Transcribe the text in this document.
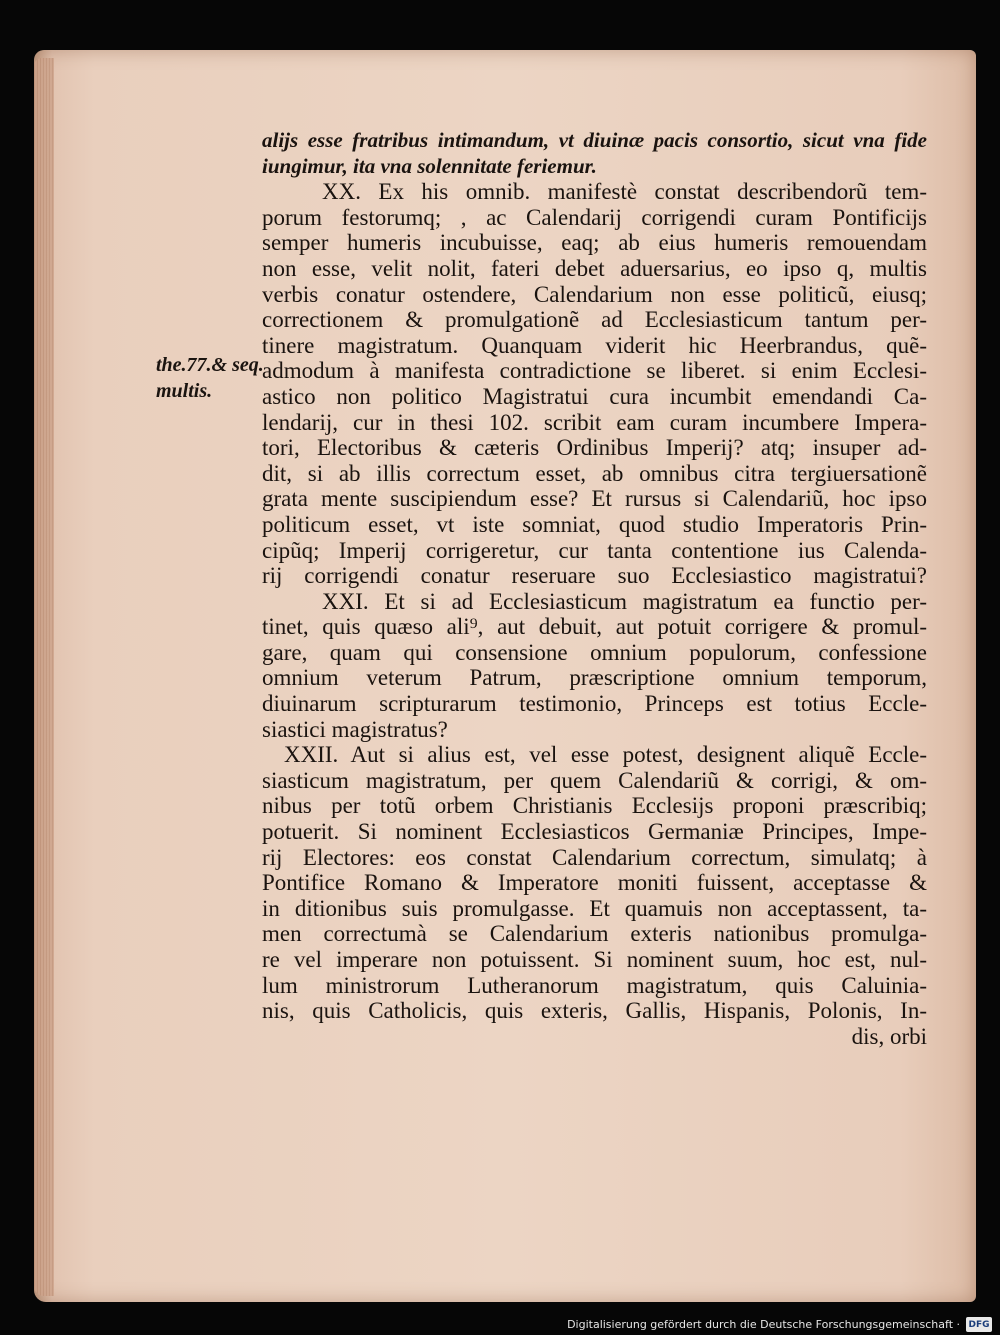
the.77.& seq.
multis.
alijs esse fratribus intimandum, vt diuinæ pacis consortio, sicut vna fide
iungimur, ita vna solennitate feriemur.
XX. Ex his omnib. manifestè constat describendorũ tem-
porum festorumq; , ac Calendarij corrigendi curam Pontificijs
semper humeris incubuisse, eaq; ab eius humeris remouendam
non esse, velit nolit, fateri debet aduersarius, eo ipso q, multis
verbis conatur ostendere, Calendarium non esse politicũ, eiusq;
correctionem & promulgationẽ ad Ecclesiasticum tantum per-
tinere magistratum. Quanquam viderit hic Heerbrandus, quẽ-
admodum à manifesta contradictione se liberet. si enim Ecclesi-
astico non politico Magistratui cura incumbit emendandi Ca-
lendarij, cur in thesi 102. scribit eam curam incumbere Impera-
tori, Electoribus & cæteris Ordinibus Imperij? atq; insuper ad-
dit, si ab illis correctum esset, ab omnibus citra tergiuersationẽ
grata mente suscipiendum esse? Et rursus si Calendariũ, hoc ipso
politicum esset, vt iste somniat, quod studio Imperatoris Prin-
cipũq; Imperij corrigeretur, cur tanta contentione ius Calenda-
rij corrigendi conatur reseruare suo Ecclesiastico magistratui?
XXI. Et si ad Ecclesiasticum magistratum ea functio per-
tinet, quis quæso ali⁹, aut debuit, aut potuit corrigere & promul-
gare, quam qui consensione omnium populorum, confessione
omnium veterum Patrum, præscriptione omnium temporum,
diuinarum scripturarum testimonio, Princeps est totius Eccle-
siastici magistratus?
XXII. Aut si alius est, vel esse potest, designent aliquẽ Eccle-
siasticum magistratum, per quem Calendariũ & corrigi, & om-
nibus per totũ orbem Christianis Ecclesijs proponi præscribiq;
potuerit. Si nominent Ecclesiasticos Germaniæ Principes, Impe-
rij Electores: eos constat Calendarium correctum, simulatq; à
Pontifice Romano & Imperatore moniti fuissent, acceptasse &
in ditionibus suis promulgasse. Et quamuis non acceptassent, ta-
men correctumà se Calendarium exteris nationibus promulga-
re vel imperare non potuissent. Si nominent suum, hoc est, nul-
lum ministrorum Lutheranorum magistratum, quis Caluinia-
nis, quis Catholicis, quis exteris, Gallis, Hispanis, Polonis, In-
dis, orbi
Digitalisierung gefördert durch die Deutsche Forschungsgemeinschaft · DFG
